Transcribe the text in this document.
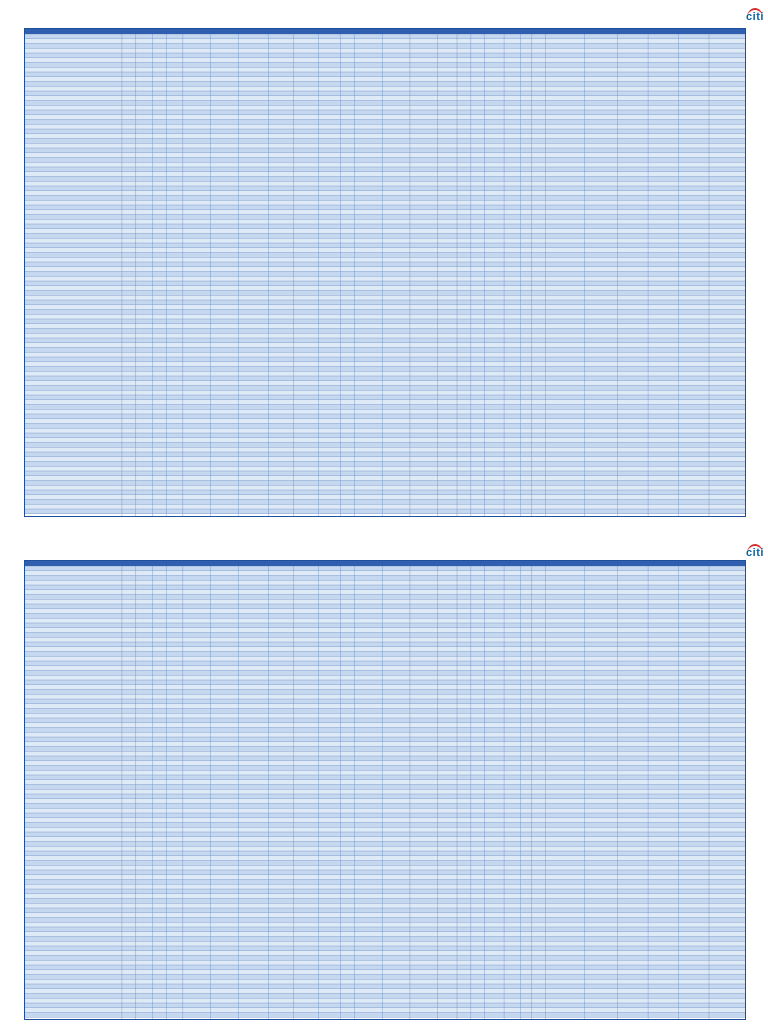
citi
citi
